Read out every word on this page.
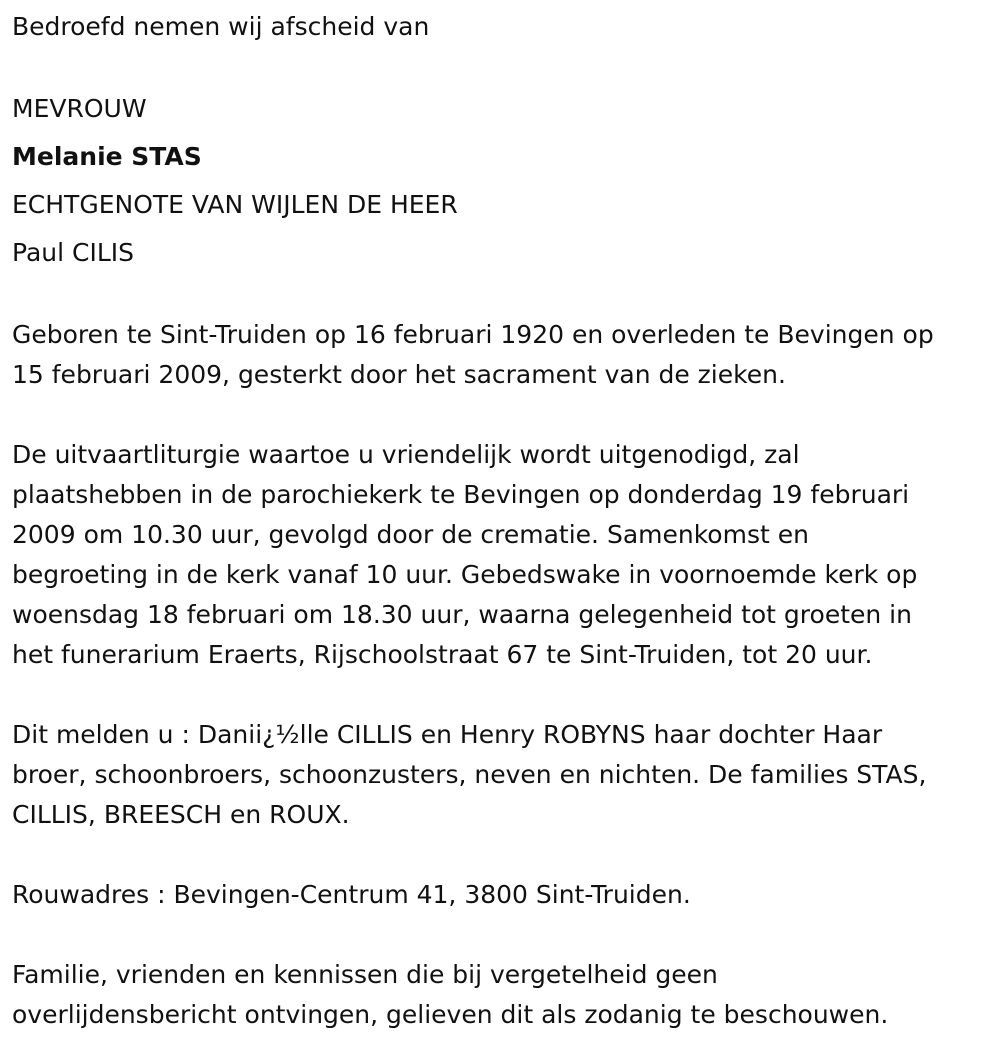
Bedroefd nemen wij afscheid van
MEVROUW
Melanie STAS
ECHTGENOTE VAN WIJLEN DE HEER
Paul CILIS
Geboren te Sint-Truiden op 16 februari 1920 en overleden te Bevingen op
15 februari 2009, gesterkt door het sacrament van de zieken.
De uitvaartliturgie waartoe u vriendelijk wordt uitgenodigd, zal
plaatshebben in de parochiekerk te Bevingen op donderdag 19 februari
2009 om 10.30 uur, gevolgd door de crematie. Samenkomst en
begroeting in de kerk vanaf 10 uur. Gebedswake in voornoemde kerk op
woensdag 18 februari om 18.30 uur, waarna gelegenheid tot groeten in
het funerarium Eraerts, Rijschoolstraat 67 te Sint-Truiden, tot 20 uur.
Dit melden u : Danii¿½lle CILLIS en Henry ROBYNS haar dochter Haar
broer, schoonbroers, schoonzusters, neven en nichten. De families STAS,
CILLIS, BREESCH en ROUX.
Rouwadres : Bevingen-Centrum 41, 3800 Sint-Truiden.
Familie, vrienden en kennissen die bij vergetelheid geen
overlijdensbericht ontvingen, gelieven dit als zodanig te beschouwen.
